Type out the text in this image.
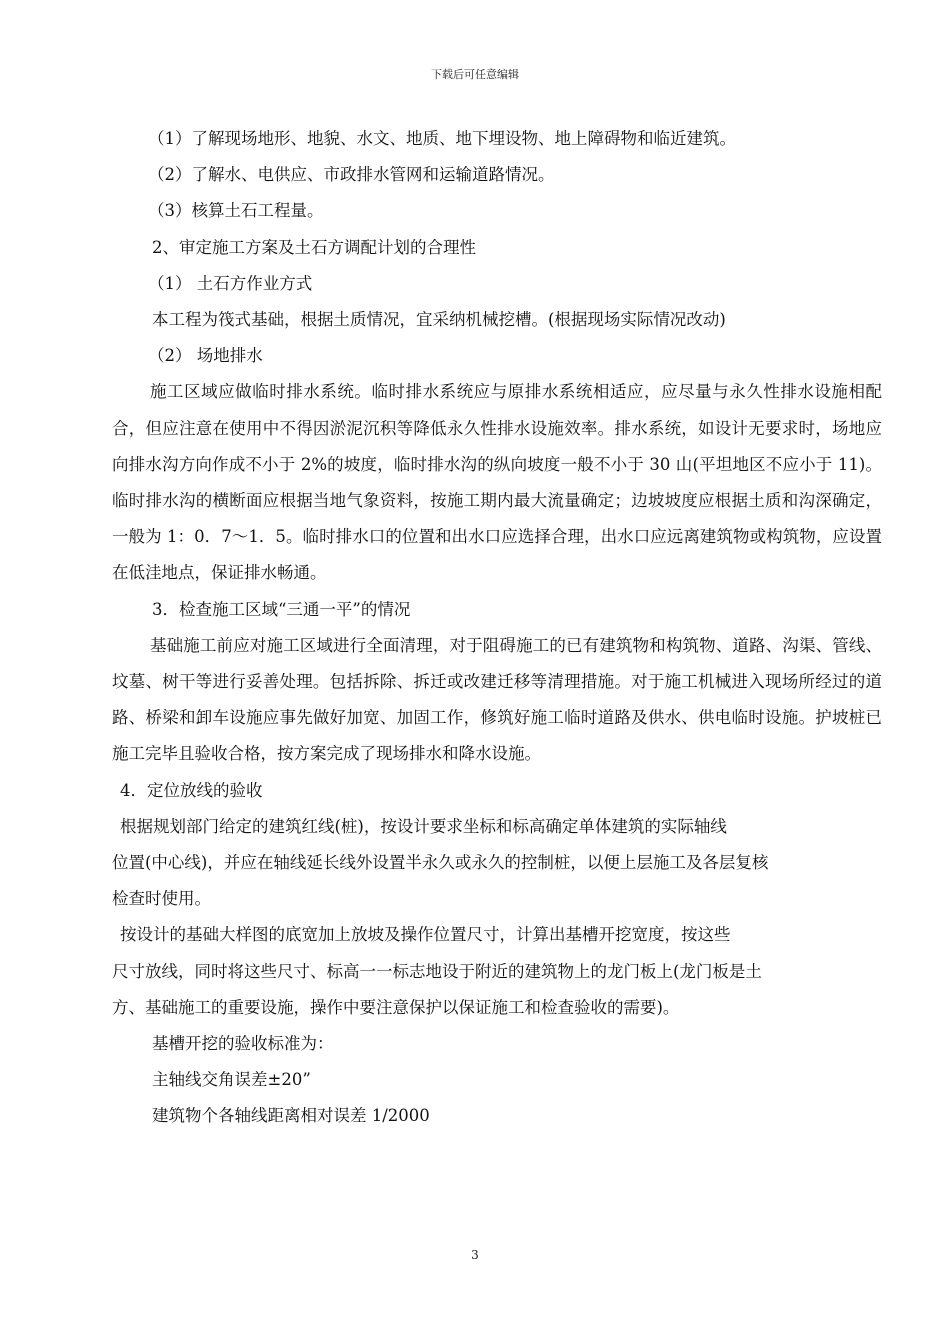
下载后可任意编辑
（1）了解现场地形、地貌、水文、地质、地下埋设物、地上障碍物和临近建筑。
（2）了解水、电供应、市政排水管网和运输道路情况。
（3）核算土石工程量。
2、审定施工方案及土石方调配计划的合理性
（1） 土石方作业方式
本工程为筏式基础，根据土质情况，宜采纳机械挖槽。(根据现场实际情况改动)
（2） 场地排水
施工区域应做临时排水系统。临时排水系统应与原排水系统相适应，应尽量与永久性排水设施相配合，但应注意在使用中不得因淤泥沉积等降低永久性排水设施效率。排水系统，如设计无要求时，场地应向排水沟方向作成不小于 2%的坡度，临时排水沟的纵向坡度一般不小于 30 山(平坦地区不应小于 11)。临时排水沟的横断面应根据当地气象资料，按施工期内最大流量确定；边坡坡度应根据土质和沟深确定，一般为 1：0．7～1．5。临时排水口的位置和出水口应选择合理，出水口应远离建筑物或构筑物，应设置在低洼地点，保证排水畅通。
3．检查施工区域“三通一平”的情况
基础施工前应对施工区域进行全面清理，对于阻碍施工的已有建筑物和构筑物、道路、沟渠、管线、坟墓、树干等进行妥善处理。包括拆除、拆迁或改建迁移等清理措施。对于施工机械进入现场所经过的道路、桥梁和卸车设施应事先做好加宽、加固工作，修筑好施工临时道路及供水、供电临时设施。护坡桩已施工完毕且验收合格，按方案完成了现场排水和降水设施。
4．定位放线的验收
根据规划部门给定的建筑红线(桩)，按设计要求坐标和标高确定单体建筑的实际轴线
位置(中心线)，并应在轴线延长线外设置半永久或永久的控制桩，以便上层施工及各层复核
检查时使用。
按设计的基础大样图的底宽加上放坡及操作位置尺寸，计算出基槽开挖宽度，按这些
尺寸放线，同时将这些尺寸、标高一一标志地设于附近的建筑物上的龙门板上(龙门板是土
方、基础施工的重要设施，操作中要注意保护以保证施工和检查验收的需要)。
基槽开挖的验收标准为：
主轴线交角误差±20”
建筑物个各轴线距离相对误差 1/2000
3
